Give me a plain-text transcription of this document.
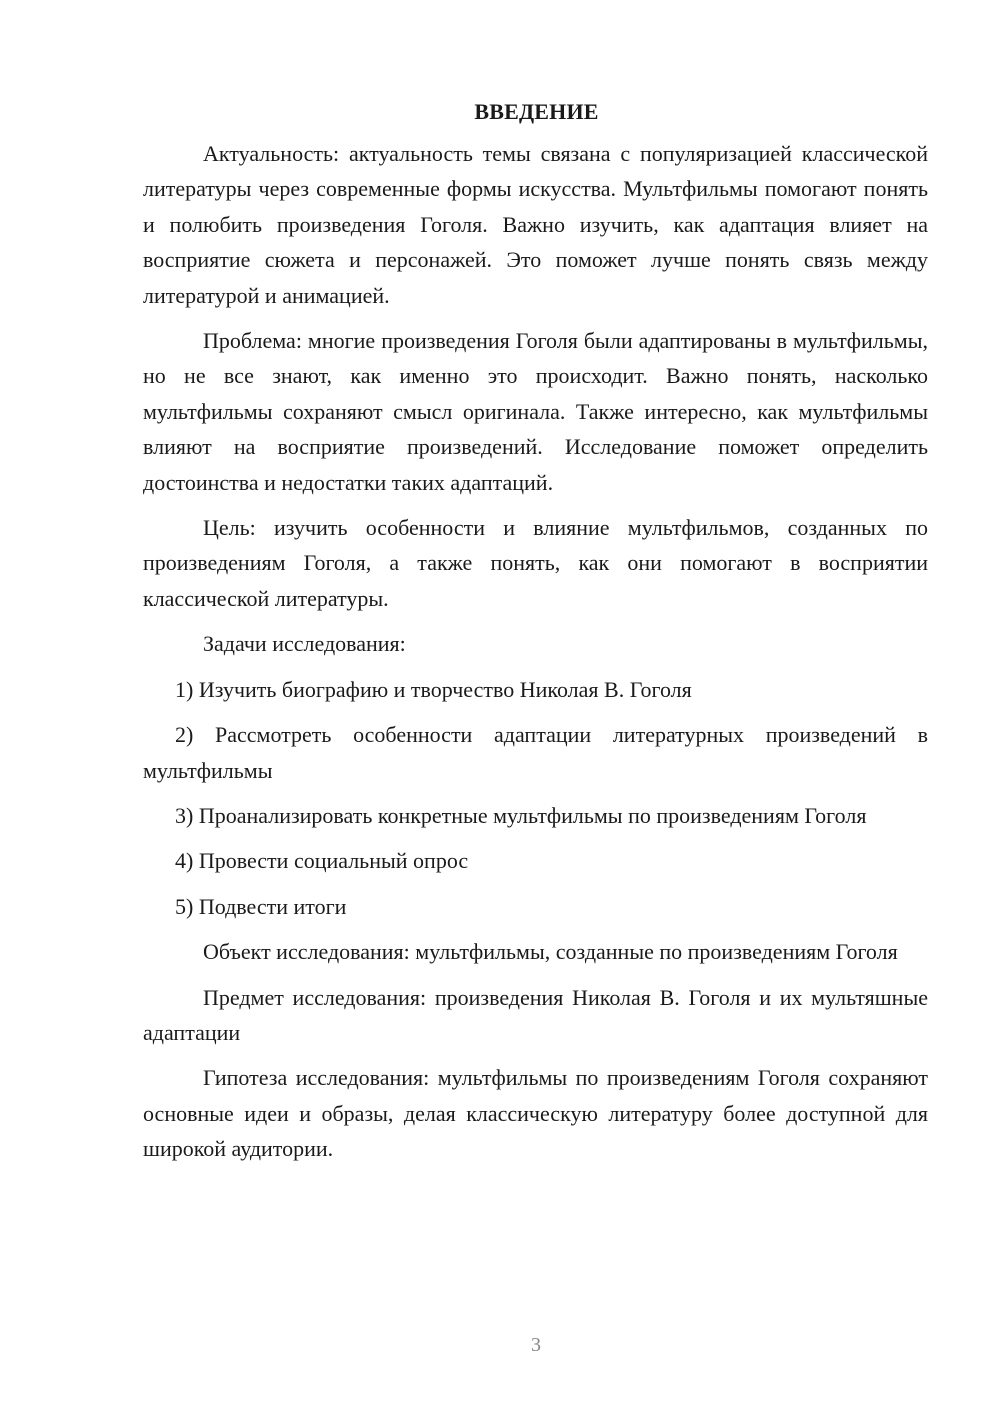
ВВЕДЕНИЕ

Актуальность: актуальность темы связана с популяризацией классической литературы через современные формы искусства. Мультфильмы помогают понять и полюбить произведения Гоголя. Важно изучить, как адаптация влияет на восприятие сюжета и персонажей. Это поможет лучше понять связь между литературой и анимацией.

Проблема: многие произведения Гоголя были адаптированы в мультфильмы, но не все знают, как именно это происходит. Важно понять, насколько мультфильмы сохраняют смысл оригинала. Также интересно, как мультфильмы влияют на восприятие произведений. Исследование поможет определить достоинства и недостатки таких адаптаций.

Цель: изучить особенности и влияние мультфильмов, созданных по произведениям Гоголя, а также понять, как они помогают в восприятии классической литературы.

Задачи исследования:

1) Изучить биографию и творчество Николая В. Гоголя

2) Рассмотреть особенности адаптации литературных произведений в мультфильмы

3) Проанализировать конкретные мультфильмы по произведениям Гоголя

4) Провести социальный опрос

5) Подвести итоги

Объект исследования: мультфильмы, созданные по произведениям Гоголя

Предмет исследования: произведения Николая В. Гоголя и их мультяшные адаптации

Гипотеза исследования: мультфильмы по произведениям Гоголя сохраняют основные идеи и образы, делая классическую литературу более доступной для широкой аудитории.

3
